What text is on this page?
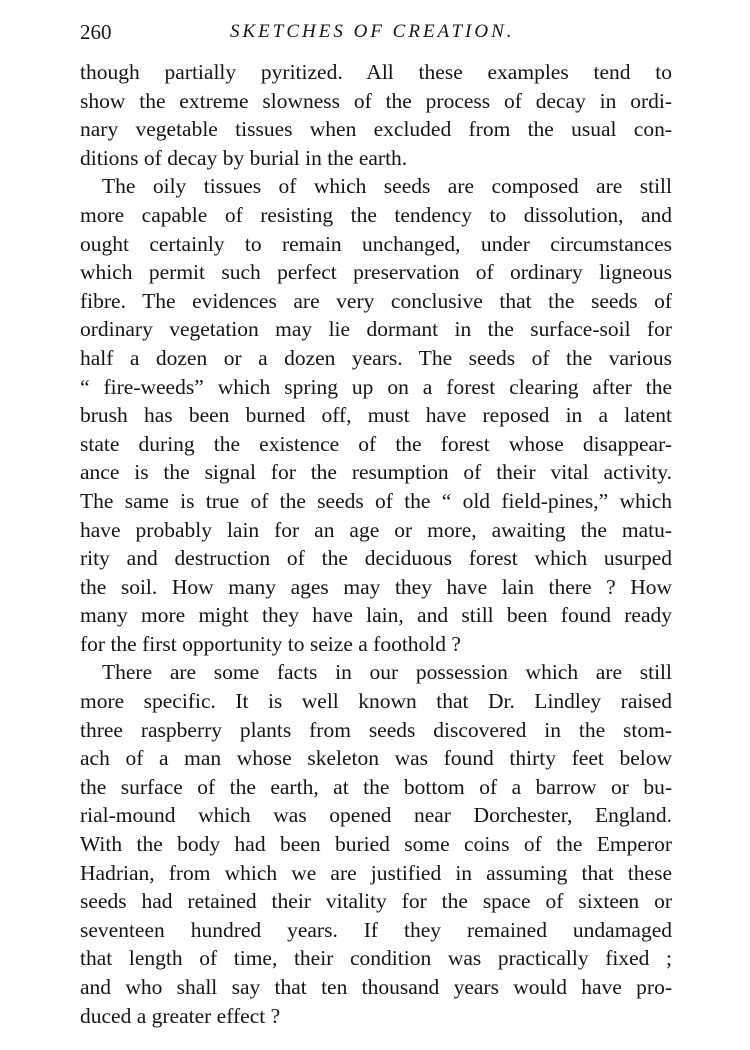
260	SKETCHES OF CREATION.
though partially pyritized. All these examples tend to
show the extreme slowness of the process of decay in ordi-
nary vegetable tissues when excluded from the usual con-
ditions of decay by burial in the earth.
The oily tissues of which seeds are composed are still
more capable of resisting the tendency to dissolution, and
ought certainly to remain unchanged, under circumstances
which permit such perfect preservation of ordinary ligneous
fibre. The evidences are very conclusive that the seeds of
ordinary vegetation may lie dormant in the surface-soil for
half a dozen or a dozen years. The seeds of the various
“ fire-weeds” which spring up on a forest clearing after the
brush has been burned off, must have reposed in a latent
state during the existence of the forest whose disappear-
ance is the signal for the resumption of their vital activity.
The same is true of the seeds of the “ old field-pines,” which
have probably lain for an age or more, awaiting the matu-
rity and destruction of the deciduous forest which usurped
the soil. How many ages may they have lain there ? How
many more might they have lain, and still been found ready
for the first opportunity to seize a foothold ?
There are some facts in our possession which are still
more specific. It is well known that Dr. Lindley raised
three raspberry plants from seeds discovered in the stom-
ach of a man whose skeleton was found thirty feet below
the surface of the earth, at the bottom of a barrow or bu-
rial-mound which was opened near Dorchester, England.
With the body had been buried some coins of the Emperor
Hadrian, from which we are justified in assuming that these
seeds had retained their vitality for the space of sixteen or
seventeen hundred years. If they remained undamaged
that length of time, their condition was practically fixed ;
and who shall say that ten thousand years would have pro-
duced a greater effect ?
